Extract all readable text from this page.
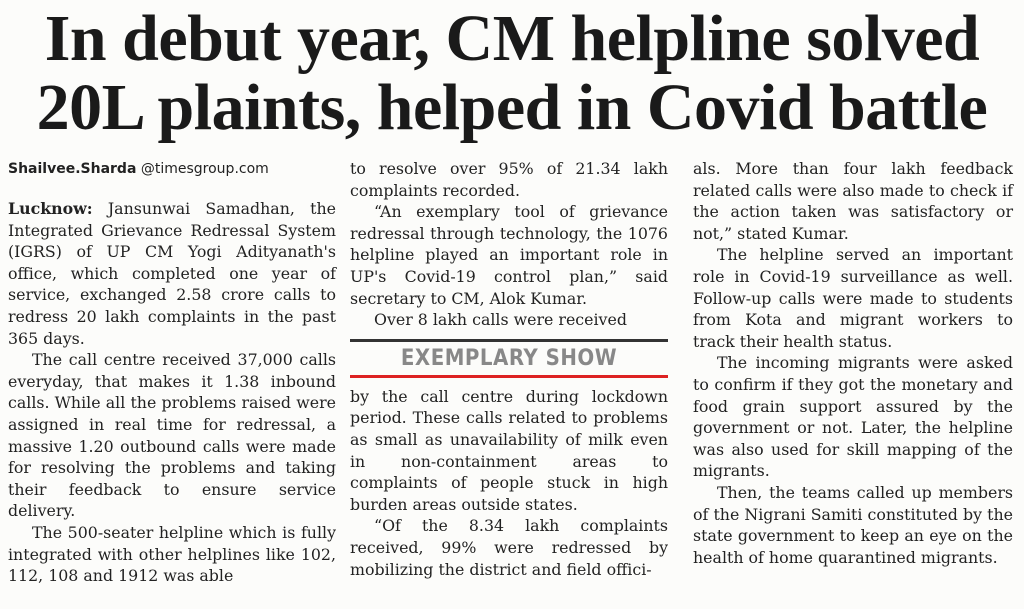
In debut year, CM helpline solved
20L plaints, helped in Covid battle
Shailvee.Sharda @timesgroup.com

Lucknow: Jansunwai Samadhan, the Integrated Grievance Redressal System (IGRS) of UP CM Yogi Adityanath's office, which completed one year of service, exchanged 2.58 crore calls to redress 20 lakh complaints in the past 365 days.

The call centre received 37,000 calls everyday, that makes it 1.38 inbound calls. While all the problems raised were assigned in real time for redressal, a massive 1.20 outbound calls were made for resolving the problems and taking their feedback to ensure service delivery.

The 500-seater helpline which is fully integrated with other helplines like 102, 112, 108 and 1912 was able

to resolve over 95% of 21.34 lakh complaints recorded.

“An exemplary tool of grievance redressal through technology, the 1076 helpline played an important role in UP's Covid-19 control plan,” said secretary to CM, Alok Kumar.

Over 8 lakh calls were received

EXEMPLARY SHOW

by the call centre during lockdown period. These calls related to problems as small as unavailability of milk even in non-containment areas to complaints of people stuck in high burden areas outside states.

“Of the 8.34 lakh complaints received, 99% were redressed by mobilizing the district and field offici-

als. More than four lakh feedback related calls were also made to check if the action taken was satisfactory or not,” stated Kumar.

The helpline served an important role in Covid-19 surveillance as well. Follow-up calls were made to students from Kota and migrant workers to track their health status.

The incoming migrants were asked to confirm if they got the monetary and food grain support assured by the government or not. Later, the helpline was also used for skill mapping of the migrants.

Then, the teams called up members of the Nigrani Samiti constituted by the state government to keep an eye on the health of home quarantined migrants.
